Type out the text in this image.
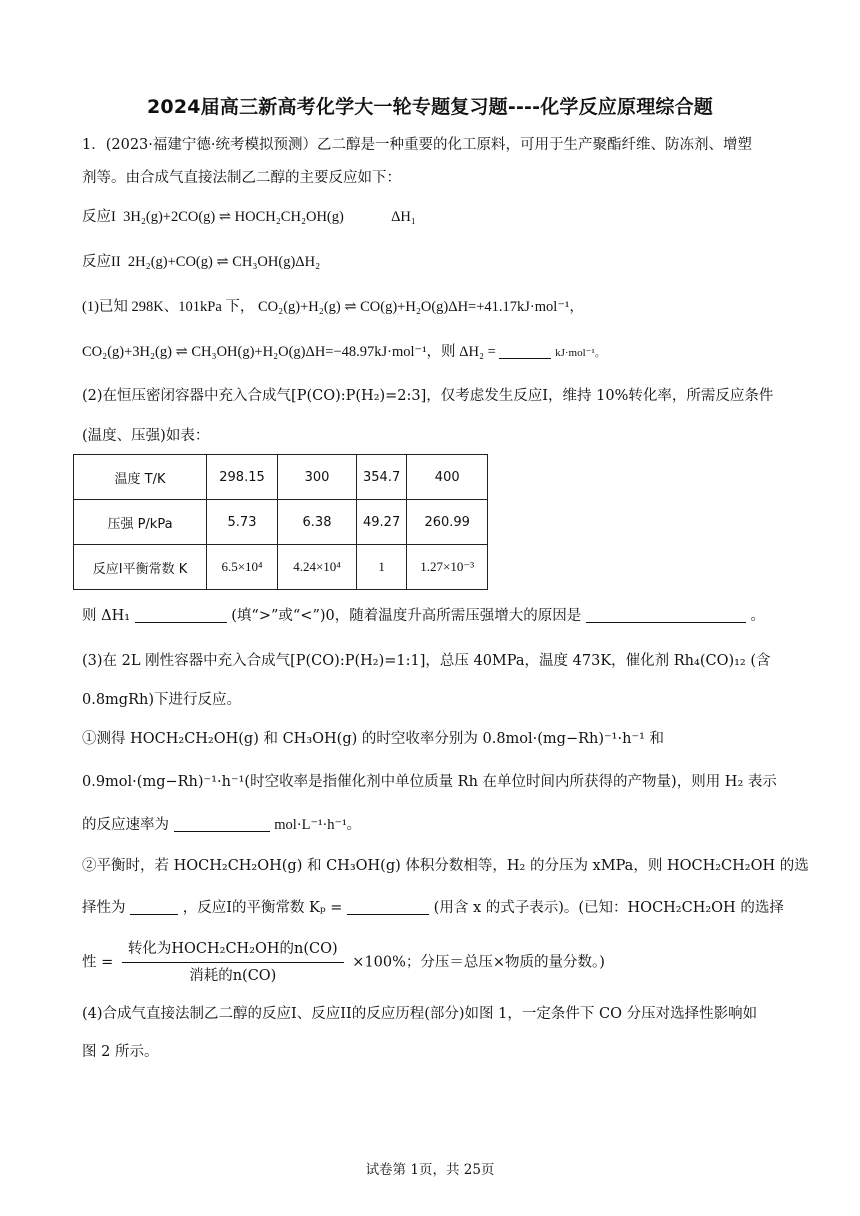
2024届高三新高考化学大一轮专题复习题----化学反应原理综合题
1．(2023·福建宁德·统考模拟预测）乙二醇是一种重要的化工原料，可用于生产聚酯纤维、防冻剂、增塑
剂等。由合成气直接法制乙二醇的主要反应如下：
反应I 3H₂(g)+2CO(g) ⇌ HOCH₂CH₂OH(g)	ΔH₁
反应II 2H₂(g)+CO(g) ⇌ CH₃OH(g)ΔH₂
(1)已知 298K、101kPa 下， CO₂(g)+H₂(g) ⇌ CO(g)+H₂O(g)ΔH=+41.17kJ·mol⁻¹，
CO₂(g)+3H₂(g) ⇌ CH₃OH(g)+H₂O(g)ΔH=−48.97kJ·mol⁻¹，则 ΔH₂ =	kJ·mol⁻¹。
(2)在恒压密闭容器中充入合成气[P(CO):P(H₂)=2:3]，仅考虑发生反应I，维持 10%转化率，所需反应条件
(温度、压强)如表：
温度 T/K	298.15	300	354.7	400
压强 P/kPa	5.73	6.38	49.27	260.99
反应Ⅰ平衡常数 K	6.5×10⁴	4.24×10⁴	1	1.27×10⁻³
则 ΔH₁	(填“>”或“<”)0，随着温度升高所需压强增大的原因是	。
(3)在 2L 刚性容器中充入合成气[P(CO):P(H₂)=1:1]，总压 40MPa，温度 473K，催化剂 Rh₄(CO)₁₂ (含
0.8mgRh)下进行反应。
①测得 HOCH₂CH₂OH(g) 和 CH₃OH(g) 的时空收率分别为 0.8mol·(mg−Rh)⁻¹·h⁻¹ 和
0.9mol·(mg−Rh)⁻¹·h⁻¹(时空收率是指催化剂中单位质量 Rh 在单位时间内所获得的产物量)，则用 H₂ 表示
的反应速率为	mol·L⁻¹·h⁻¹。
②平衡时，若 HOCH₂CH₂OH(g) 和 CH₃OH(g) 体积分数相等，H₂ 的分压为 xMPa，则 HOCH₂CH₂OH 的选
择性为	，反应I的平衡常数 Kₚ =	(用含 x 的式子表示)。(已知：HOCH₂CH₂OH 的选择
性 = $\frac{\text{转化为HOCH₂CH₂OH的n(CO)}}{\text{消耗的n(CO)}} \times 100\%$；分压＝总压×物质的量分数。)
(4)合成气直接法制乙二醇的反应I、反应II的反应历程(部分)如图 1，一定条件下 CO 分压对选择性影响如
图 2 所示。
试卷第 1页，共 25页
